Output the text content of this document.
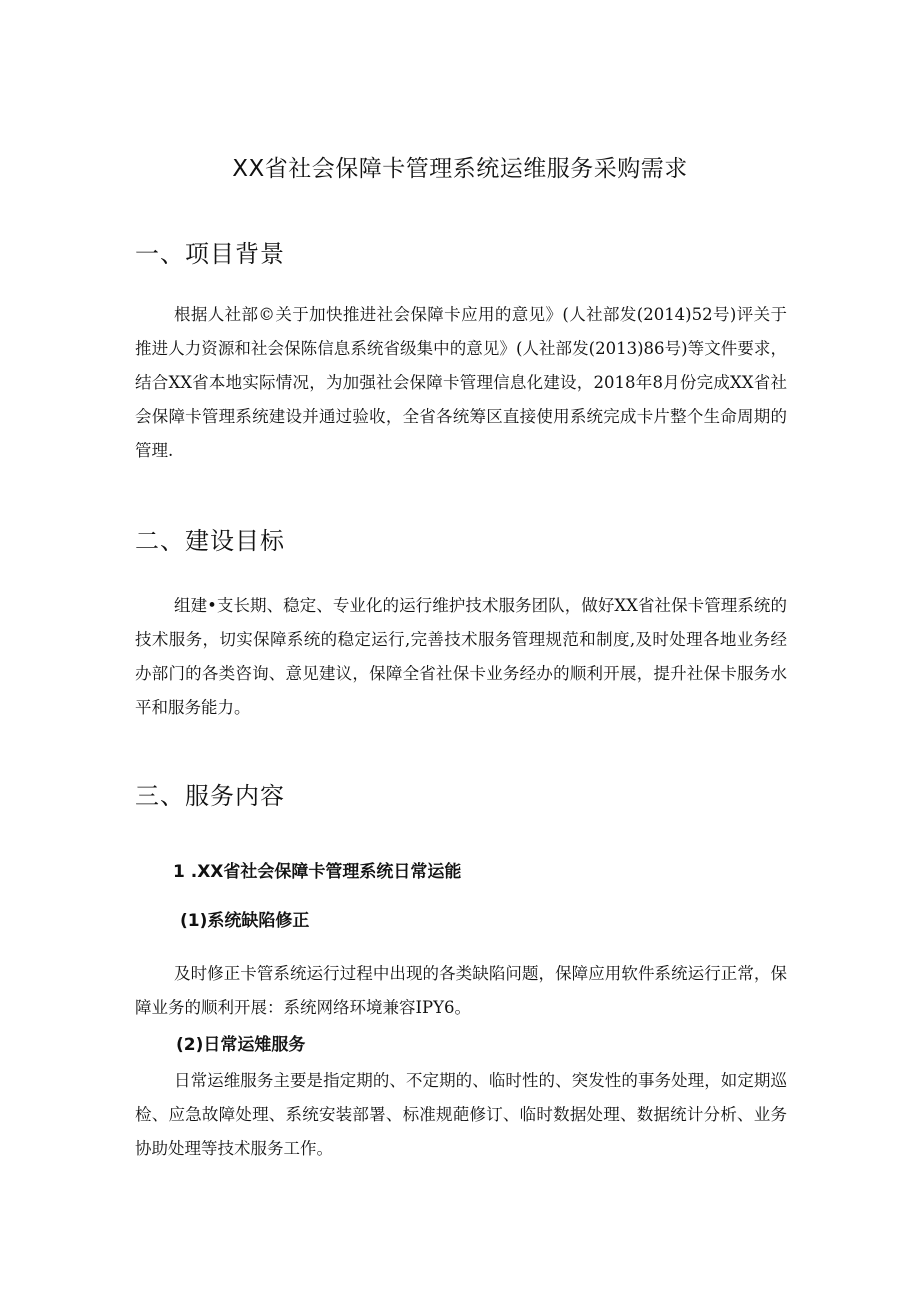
XX省社会保障卡管理系统运维服务采购需求
一、项目背景

根据人社部©关于加快推进社会保障卡应用的意见》(人社部发(2014)52号)评关于推进人力资源和社会保陈信息系统省级集中的意见》(人社部发(2013)86号)等文件要求，结合XX省本地实际情况，为加强社会保障卡管理信息化建设，2018年8月份完成XX省社会保障卡管理系统建设并通过验收，全省各统筹区直接使用系统完成卡片整个生命周期的管理.

二、建设目标

组建•支长期、稳定、专业化的运行维护技术服务团队，做好XX省社保卡管理系统的技术服务，切实保障系统的稳定运行,完善技术服务管理规范和制度,及时处理各地业务经办部门的各类咨询、意见建议，保障全省社保卡业务经办的顺利开展，提升社保卡服务水平和服务能力。

三、服务内容
1 .XX省社会保障卡管理系统日常运能
(1)系统缺陷修正

及时修正卡管系统运行过程中出现的各类缺陷问题，保障应用软件系统运行正常，保障业务的顺利开展：系统网络环境兼容IPY6。

(2)日常运雉服务

日常运维服务主要是指定期的、不定期的、临时性的、突发性的事务处理，如定期巡检、应急故障处理、系统安装部署、标准规葩修订、临时数据处理、数据统计分析、业务协助处理等技术服务工作。
